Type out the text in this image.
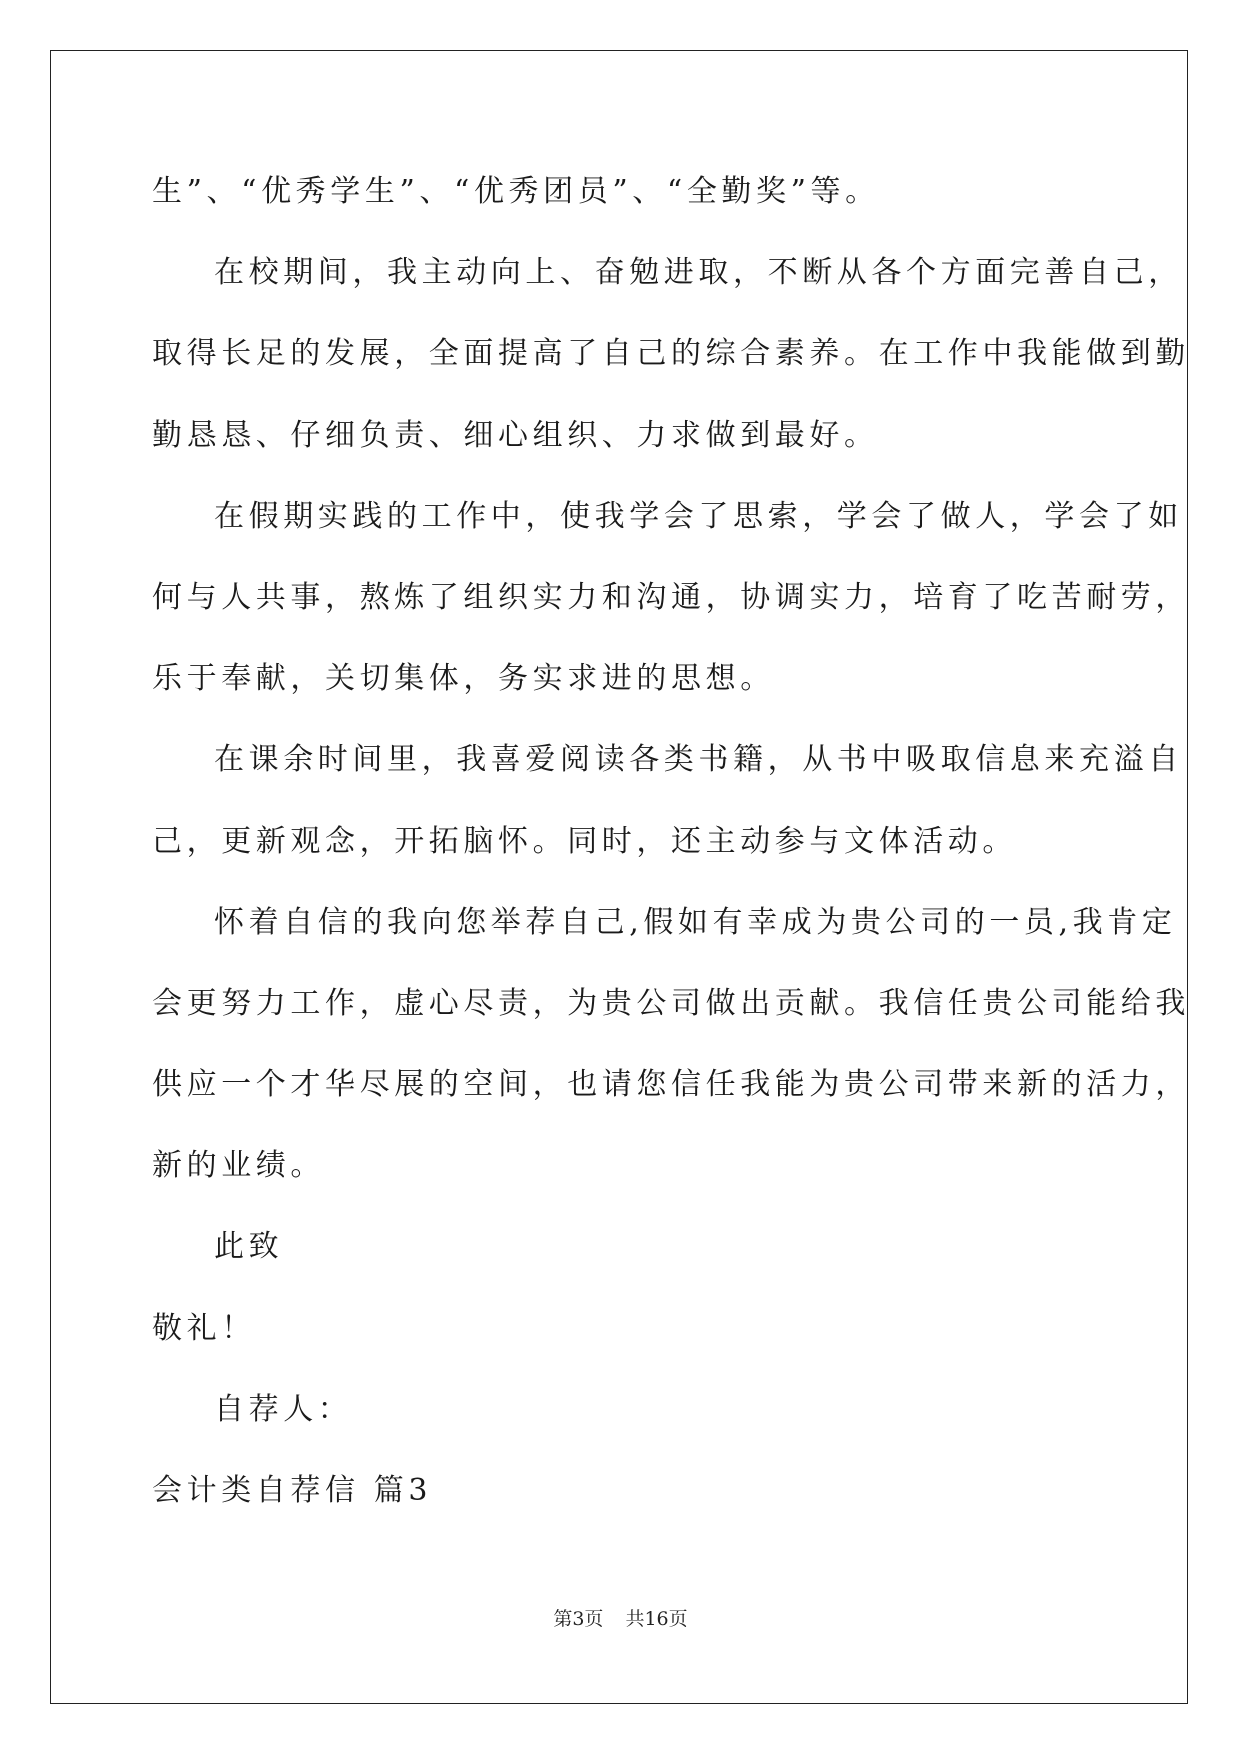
生”、“优秀学生”、“优秀团员”、“全勤奖”等。
在校期间，我主动向上、奋勉进取，不断从各个方面完善自己，
取得长足的发展，全面提高了自己的综合素养。在工作中我能做到勤
勤恳恳、仔细负责、细心组织、力求做到最好。
在假期实践的工作中，使我学会了思索，学会了做人，学会了如
何与人共事，熬炼了组织实力和沟通，协调实力，培育了吃苦耐劳，
乐于奉献，关切集体，务实求进的思想。
在课余时间里，我喜爱阅读各类书籍，从书中吸取信息来充溢自
己，更新观念，开拓脑怀。同时，还主动参与文体活动。
怀着自信的我向您举荐自己,假如有幸成为贵公司的一员,我肯定
会更努力工作，虚心尽责，为贵公司做出贡献。我信任贵公司能给我
供应一个才华尽展的空间，也请您信任我能为贵公司带来新的活力，
新的业绩。
此致
敬礼！
自荐人：
会计类自荐信 篇3
第3页 共16页
